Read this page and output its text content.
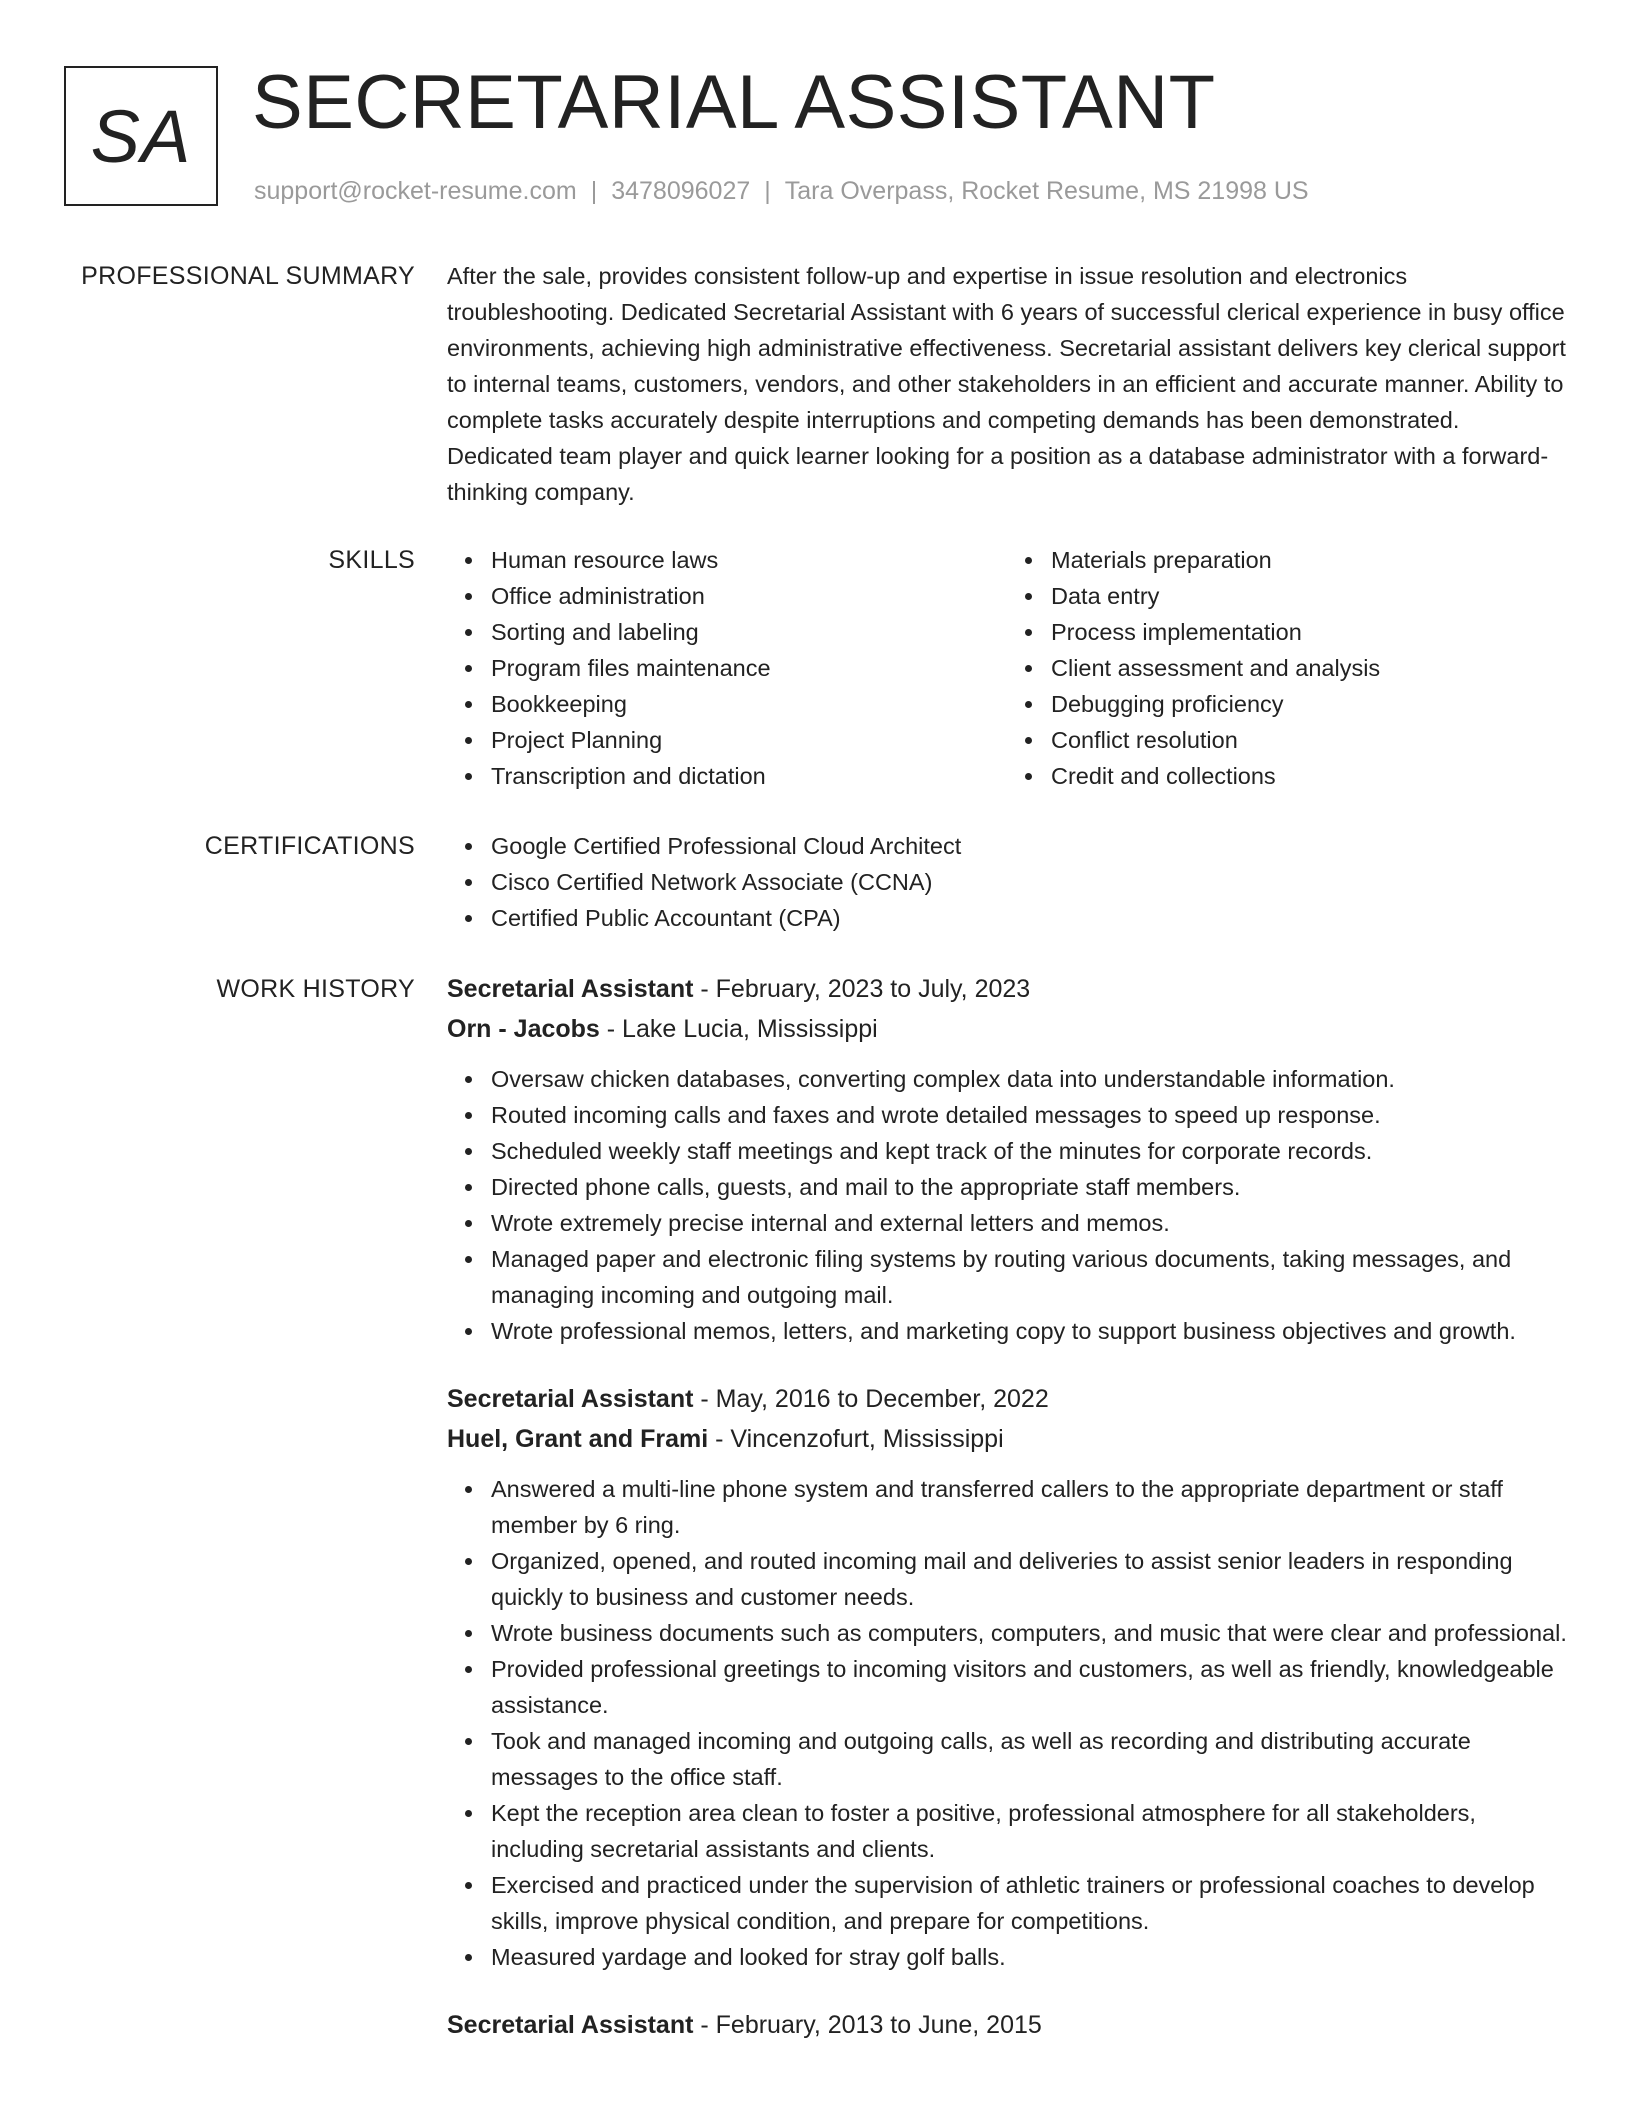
SA SECRETARIAL ASSISTANT
support@rocket-resume.com | 3478096027 | Tara Overpass, Rocket Resume, MS 21998 US
PROFESSIONAL SUMMARY After the sale, provides consistent follow-up and expertise in issue resolution and electronics troubleshooting. Dedicated Secretarial Assistant with 6 years of successful clerical experience in busy office environments, achieving high administrative effectiveness. Secretarial assistant delivers key clerical support to internal teams, customers, vendors, and other stakeholders in an efficient and accurate manner. Ability to complete tasks accurately despite interruptions and competing demands has been demonstrated. Dedicated team player and quick learner looking for a position as a database administrator with a forward-thinking company.

SKILLS	Human resource laws
Office administration
Sorting and labeling
Program files maintenance
Bookkeeping
Project Planning
Transcription and dictation
Materials preparation
Data entry
Process implementation
Client assessment and analysis
Debugging proficiency
Conflict resolution
Credit and collections
CERTIFICATIONS	Google Certified Professional Cloud Architect
Cisco Certified Network Associate (CCNA)
Certified Public Accountant (CPA)
WORK HISTORY Secretarial Assistant - February, 2023 to July, 2023
Orn - Jacobs - Lake Lucia, Mississippi
Oversaw chicken databases, converting complex data into understandable information.
Routed incoming calls and faxes and wrote detailed messages to speed up response.
Scheduled weekly staff meetings and kept track of the minutes for corporate records.
Directed phone calls, guests, and mail to the appropriate staff members.
Wrote extremely precise internal and external letters and memos.
Managed paper and electronic filing systems by routing various documents, taking messages, and managing incoming and outgoing mail.
Wrote professional memos, letters, and marketing copy to support business objectives and growth.
Secretarial Assistant - May, 2016 to December, 2022
Huel, Grant and Frami - Vincenzofurt, Mississippi
Answered a multi-line phone system and transferred callers to the appropriate department or staff member by 6 ring.
Organized, opened, and routed incoming mail and deliveries to assist senior leaders in responding quickly to business and customer needs.
Wrote business documents such as computers, computers, and music that were clear and professional.
Provided professional greetings to incoming visitors and customers, as well as friendly, knowledgeable assistance.
Took and managed incoming and outgoing calls, as well as recording and distributing accurate messages to the office staff.
Kept the reception area clean to foster a positive, professional atmosphere for all stakeholders, including secretarial assistants and clients.
Exercised and practiced under the supervision of athletic trainers or professional coaches to develop skills, improve physical condition, and prepare for competitions.
Measured yardage and looked for stray golf balls.
Secretarial Assistant - February, 2013 to June, 2015
